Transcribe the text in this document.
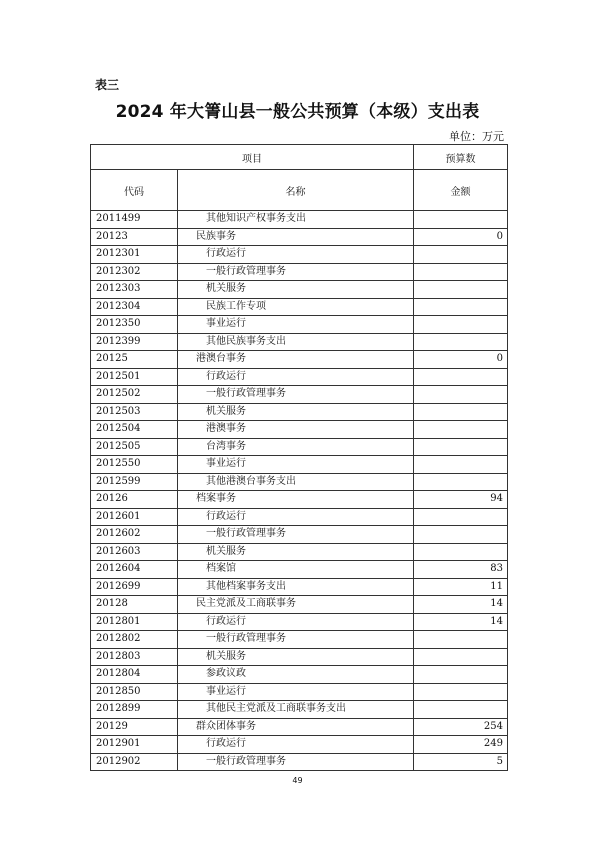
表三
2024 年大箐山县一般公共预算（本级）支出表
单位：万元
项目		预算数
代码	名称	金额
2011499	其他知识产权事务支出	
20123	民族事务	0
2012301	行政运行	
2012302	一般行政管理事务	
2012303	机关服务	
2012304	民族工作专项	
2012350	事业运行	
2012399	其他民族事务支出	
20125	港澳台事务	0
2012501	行政运行	
2012502	一般行政管理事务	
2012503	机关服务	
2012504	港澳事务	
2012505	台湾事务	
2012550	事业运行	
2012599	其他港澳台事务支出	
20126	档案事务	94
2012601	行政运行	
2012602	一般行政管理事务	
2012603	机关服务	
2012604	档案馆	83
2012699	其他档案事务支出	11
20128	民主党派及工商联事务	14
2012801	行政运行	14
2012802	一般行政管理事务	
2012803	机关服务	
2012804	参政议政	
2012850	事业运行	
2012899	其他民主党派及工商联事务支出	
20129	群众团体事务	254
2012901	行政运行	249
2012902	一般行政管理事务	5
49
